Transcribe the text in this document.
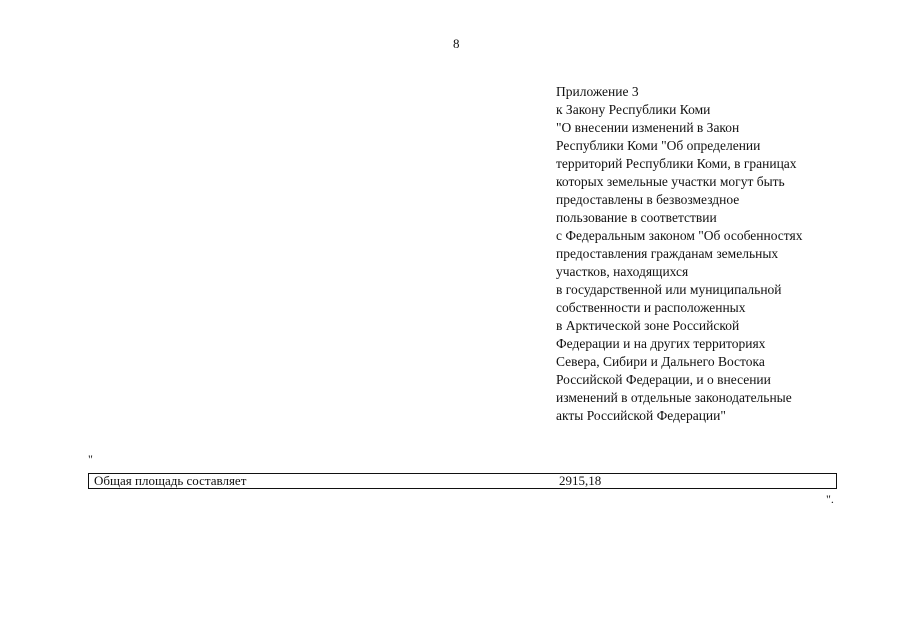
8
Приложение 3
к Закону Республики Коми
"О внесении изменений в Закон
Республики Коми "Об определении
территорий Республики Коми, в границах
которых земельные участки могут быть
предоставлены в безвозмездное
пользование в соответствии
с Федеральным законом "Об особенностях
предоставления гражданам земельных
участков, находящихся
в государственной или муниципальной
собственности и расположенных
в Арктической зоне Российской
Федерации и на других территориях
Севера, Сибири и Дальнего Востока
Российской Федерации, и о внесении
изменений в отдельные законодательные
акты Российской Федерации"
"
Общая площадь составляет	2915,18
".
